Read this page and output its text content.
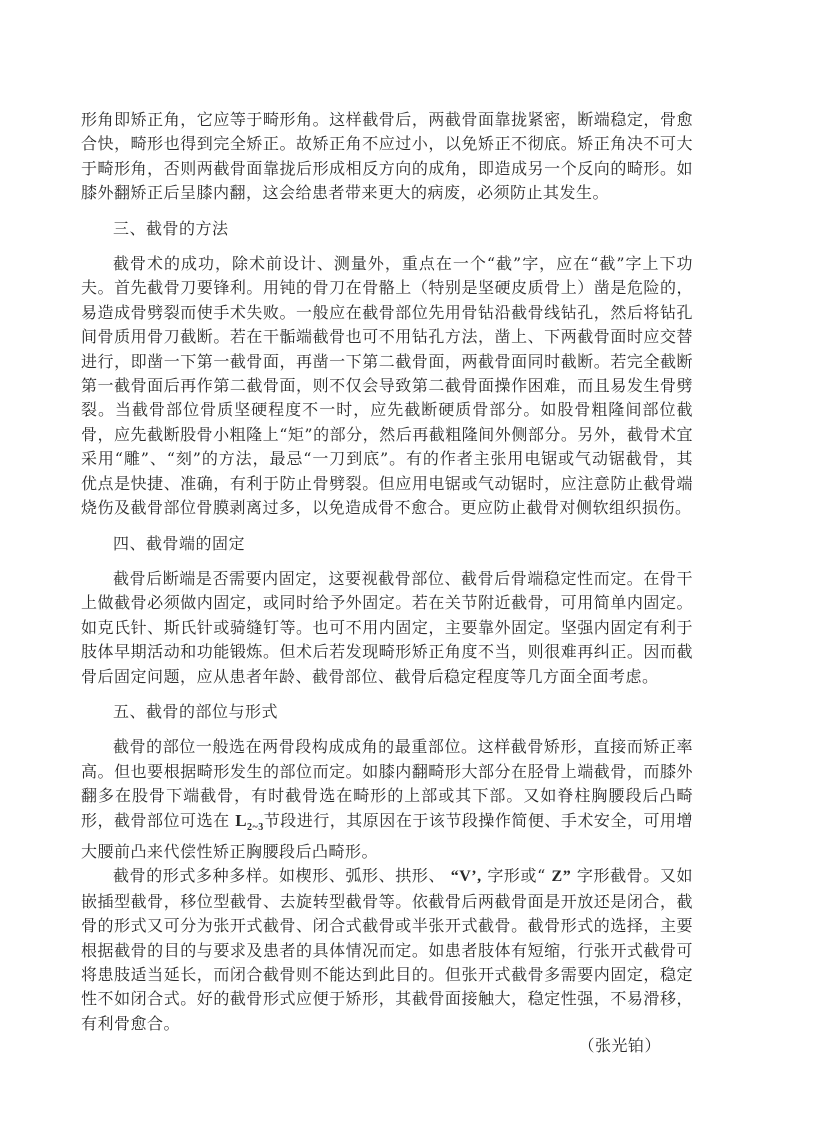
形角即矫正角，它应等于畸形角。这样截骨后，两截骨面靠拢紧密，断端稳定，骨愈合快，畸形也得到完全矫正。故矫正角不应过小，以免矫正不彻底。矫正角决不可大于畸形角，否则两截骨面靠拢后形成相反方向的成角，即造成另一个反向的畸形。如膝外翻矫正后呈膝内翻，这会给患者带来更大的病废，必须防止其发生。

三、截骨的方法

截骨术的成功，除术前设计、测量外，重点在一个“截”字，应在“截”字上下功夫。首先截骨刀要锋利。用钝的骨刀在骨骼上（特别是坚硬皮质骨上）凿是危险的，易造成骨劈裂而使手术失败。一般应在截骨部位先用骨钻沿截骨线钻孔，然后将钻孔间骨质用骨刀截断。若在干骺端截骨也可不用钻孔方法，凿上、下两截骨面时应交替进行，即凿一下第一截骨面，再凿一下第二截骨面，两截骨面同时截断。若完全截断第一截骨面后再作第二截骨面，则不仅会导致第二截骨面操作困难，而且易发生骨劈裂。当截骨部位骨质坚硬程度不一时，应先截断硬质骨部分。如股骨粗隆间部位截骨，应先截断股骨小粗隆上“矩”的部分，然后再截粗隆间外侧部分。另外，截骨术宜采用“雕”、“刻”的方法，最忌“一刀到底”。有的作者主张用电锯或气动锯截骨，其优点是快捷、准确，有利于防止骨劈裂。但应用电锯或气动锯时，应注意防止截骨端烧伤及截骨部位骨膜剥离过多，以免造成骨不愈合。更应防止截骨对侧软组织损伤。

四、截骨端的固定

截骨后断端是否需要内固定，这要视截骨部位、截骨后骨端稳定性而定。在骨干上做截骨必须做内固定，或同时给予外固定。若在关节附近截骨，可用简单内固定。如克氏针、斯氏针或骑缝钉等。也可不用内固定，主要靠外固定。坚强内固定有利于肢体早期活动和功能锻炼。但术后若发现畸形矫正角度不当，则很难再纠正。因而截骨后固定问题，应从患者年龄、截骨部位、截骨后稳定程度等几方面全面考虑。

五、截骨的部位与形式

截骨的部位一般选在两骨段构成成角的最重部位。这样截骨矫形，直接而矫正率高。但也要根据畸形发生的部位而定。如膝内翻畸形大部分在胫骨上端截骨，而膝外翻多在股骨下端截骨，有时截骨选在畸形的上部或其下部。又如脊柱胸腰段后凸畸形，截骨部位可选在 $L_{2\sim 3}$节段进行，其原因在于该节段操作简便、手术安全，可用增大腰前凸来代偿性矫正胸腰段后凸畸形。

截骨的形式多种多样。如楔形、弧形、拱形、 “V’, 字形或“ Z” 字形截骨。又如嵌插型截骨，移位型截骨、去旋转型截骨等。依截骨后两截骨面是开放还是闭合，截骨的形式又可分为张开式截骨、闭合式截骨或半张开式截骨。截骨形式的选择，主要根据截骨的目的与要求及患者的具体情况而定。如患者肢体有短缩，行张开式截骨可将患肢适当延长，而闭合截骨则不能达到此目的。但张开式截骨多需要内固定，稳定性不如闭合式。好的截骨形式应便于矫形，其截骨面接触大，稳定性强，不易滑移，有利骨愈合。

（张光铂）
